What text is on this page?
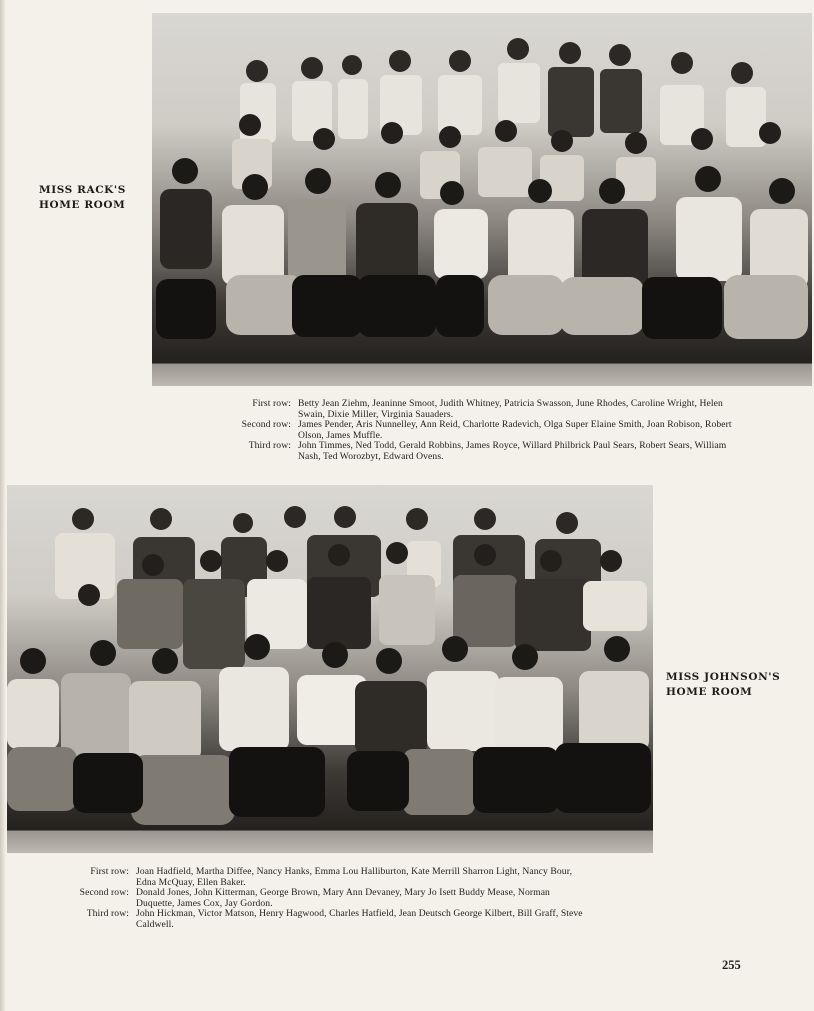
MISS RACK'S
HOME ROOM
First row: Betty Jean Ziehm, Jeaninne Smoot, Judith Whitney, Patricia Swasson, June Rhodes, Caroline Wright, Helen Swain, Dixie Miller, Virginia Sauaders.
Second row: James Pender, Aris Nunnelley, Ann Reid, Charlotte Radevich, Olga Super Elaine Smith, Joan Robison, Robert Olson, James Muffle.
Third row: John Timmes, Ned Todd, Gerald Robbins, James Royce, Willard Philbrick Paul Sears, Robert Sears, William Nash, Ted Worozbyt, Edward Ovens.
MISS JOHNSON'S
HOME ROOM
First row: Joan Hadfield, Martha Diffee, Nancy Hanks, Emma Lou Halliburton, Kate Merrill Sharron Light, Nancy Bour, Edna McQuay, Ellen Baker.
Second row: Donald Jones, John Kitterman, George Brown, Mary Ann Devaney, Mary Jo Isett Buddy Mease, Norman Duquette, James Cox, Jay Gordon.
Third row: John Hickman, Victor Matson, Henry Hagwood, Charles Hatfield, Jean Deutsch George Kilbert, Bill Graff, Steve Caldwell.
255
